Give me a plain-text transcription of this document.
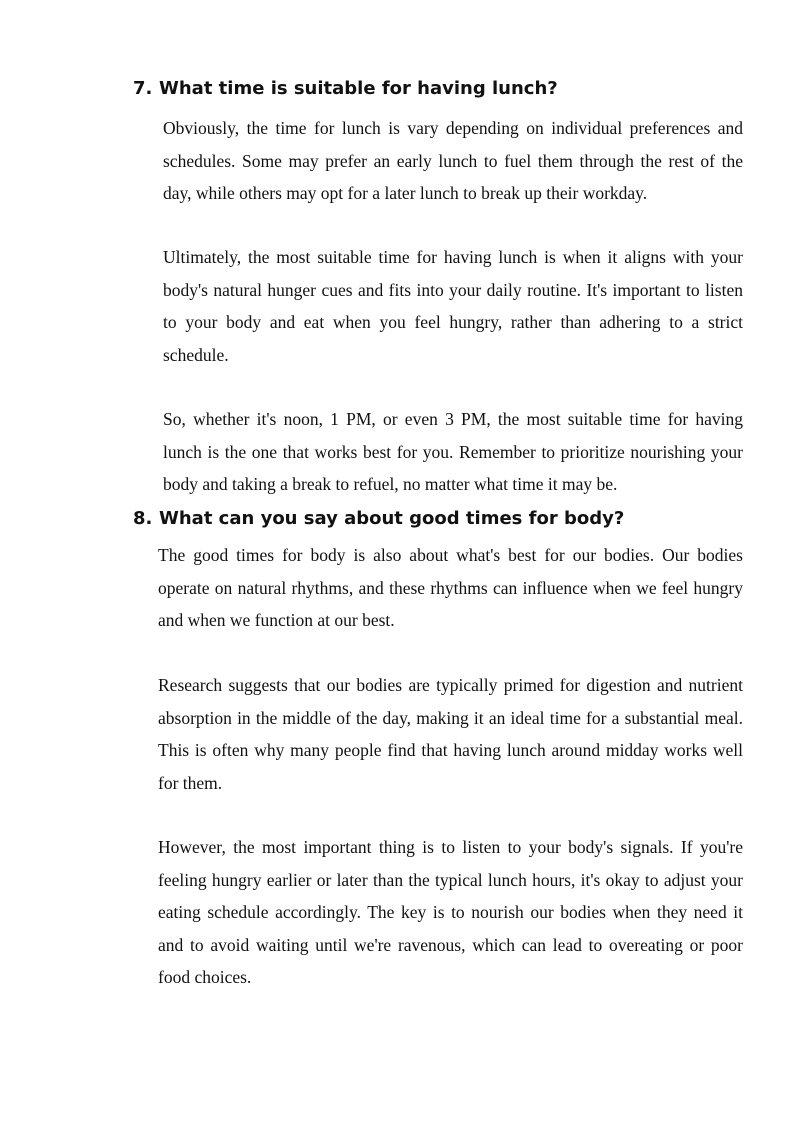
7. What time is suitable for having lunch?

Obviously, the time for lunch is vary depending on individual preferences and schedules. Some may prefer an early lunch to fuel them through the rest of the day, while others may opt for a later lunch to break up their workday.

Ultimately, the most suitable time for having lunch is when it aligns with your body's natural hunger cues and fits into your daily routine. It's important to listen to your body and eat when you feel hungry, rather than adhering to a strict schedule.

So, whether it's noon, 1 PM, or even 3 PM, the most suitable time for having lunch is the one that works best for you. Remember to prioritize nourishing your body and taking a break to refuel, no matter what time it may be.

8. What can you say about good times for body?

The good times for body is also about what's best for our bodies. Our bodies operate on natural rhythms, and these rhythms can influence when we feel hungry and when we function at our best.

Research suggests that our bodies are typically primed for digestion and nutrient absorption in the middle of the day, making it an ideal time for a substantial meal. This is often why many people find that having lunch around midday works well for them.

However, the most important thing is to listen to your body's signals. If you're feeling hungry earlier or later than the typical lunch hours, it's okay to adjust your eating schedule accordingly. The key is to nourish our bodies when they need it and to avoid waiting until we're ravenous, which can lead to overeating or poor food choices.
